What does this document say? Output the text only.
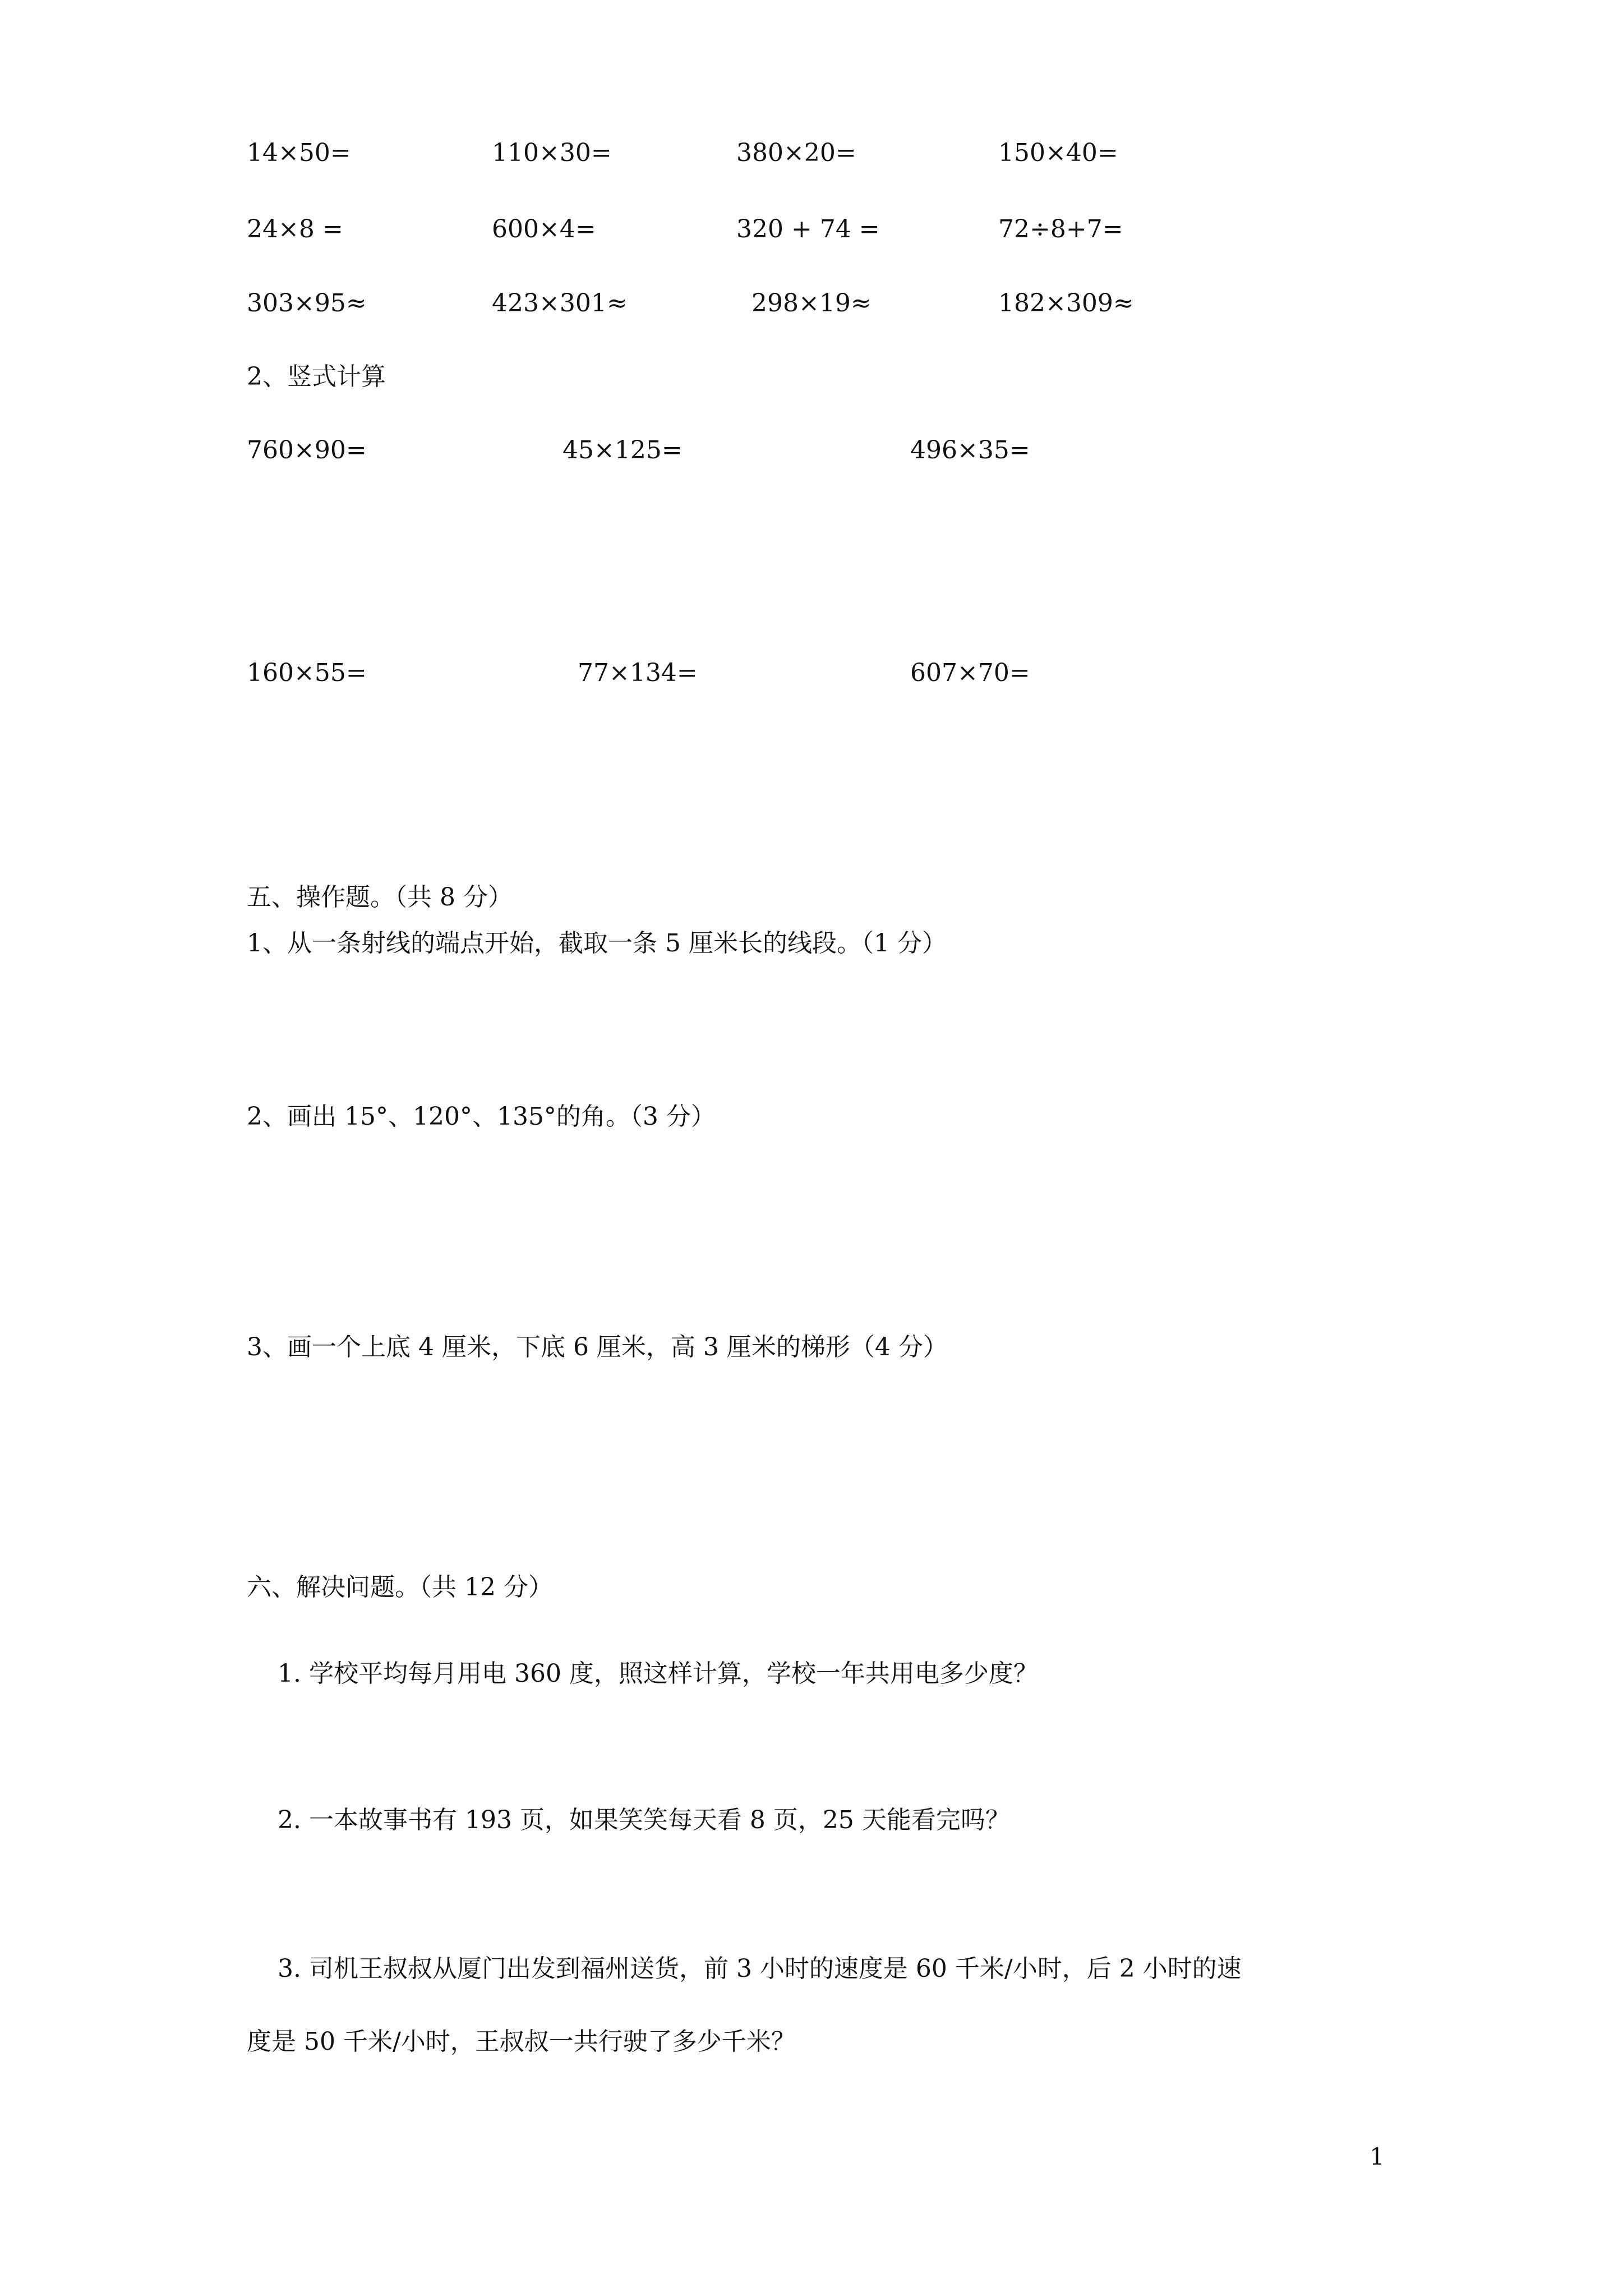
14×50=	110×30=	380×20=	150×40=
24×8 =	600×4=	320 + 74 =	72÷8+7=
303×95≈	423×301≈	298×19≈	182×309≈
2、竖式计算
760×90=	45×125=	496×35=
160×55=	77×134=	607×70=
五、操作题。（共 8 分）
1、从一条射线的端点开始，截取一条 5 厘米长的线段。（1 分）
2、画出 15°、120°、135°的角。（3 分）
3、画一个上底 4 厘米，下底 6 厘米，高 3 厘米的梯形（4 分）
六、解决问题。（共 12 分）
1. 学校平均每月用电 360 度，照这样计算，学校一年共用电多少度？
2. 一本故事书有 193 页，如果笑笑每天看 8 页，25 天能看完吗？
3. 司机王叔叔从厦门出发到福州送货，前 3 小时的速度是 60 千米/小时，后 2 小时的速
度是 50 千米/小时，王叔叔一共行驶了多少千米？
1
